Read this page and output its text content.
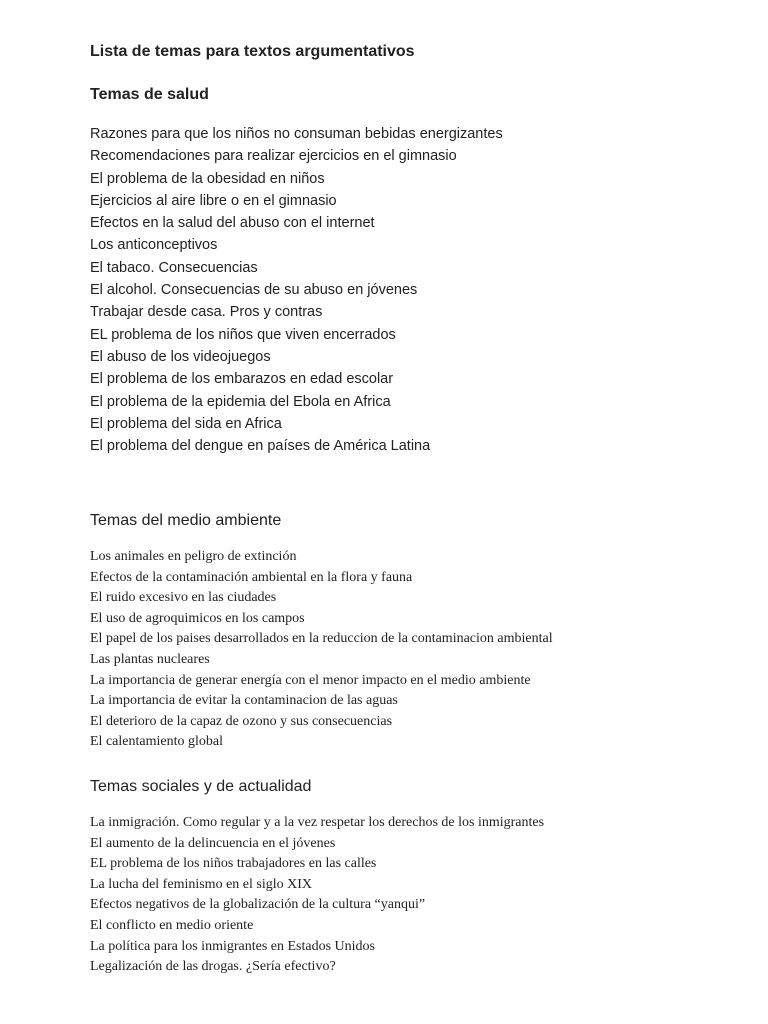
Lista de temas para textos argumentativos
Temas de salud
Razones para que los niños no consuman bebidas energizantes
Recomendaciones para realizar ejercicios en el gimnasio
El problema de la obesidad en niños
Ejercicios al aire libre o en el gimnasio
Efectos en la salud del abuso con el internet
Los anticonceptivos
El tabaco. Consecuencias
El alcohol. Consecuencias de su abuso en jóvenes
Trabajar desde casa. Pros y contras
EL problema de los niños que viven encerrados
El abuso de los videojuegos
El problema de los embarazos en edad escolar
El problema de la epidemia del Ebola en Africa
El problema del sida en Africa
El problema del dengue en países de América Latina
Temas del medio ambiente
Los animales en peligro de extinción
Efectos de la contaminación ambiental en la flora y fauna
El ruido excesivo en las ciudades
El uso de agroquimicos en los campos
El papel de los paises desarrollados en la reduccion de la contaminacion ambiental
Las plantas nucleares
La importancia de generar energía con el menor impacto en el medio ambiente
La importancia de evitar la contaminacion de las aguas
El deterioro de la capaz de ozono y sus consecuencias
El calentamiento global
Temas sociales y de actualidad
La inmigración. Como regular y a la vez respetar los derechos de los inmigrantes
El aumento de la delincuencia en el jóvenes
EL problema de los niños trabajadores en las calles
La lucha del feminismo en el siglo XIX
Efectos negativos de la globalización de la cultura “yanqui”
El conflicto en medio oriente
La política para los inmigrantes en Estados Unidos
Legalización de las drogas. ¿Sería efectivo?
